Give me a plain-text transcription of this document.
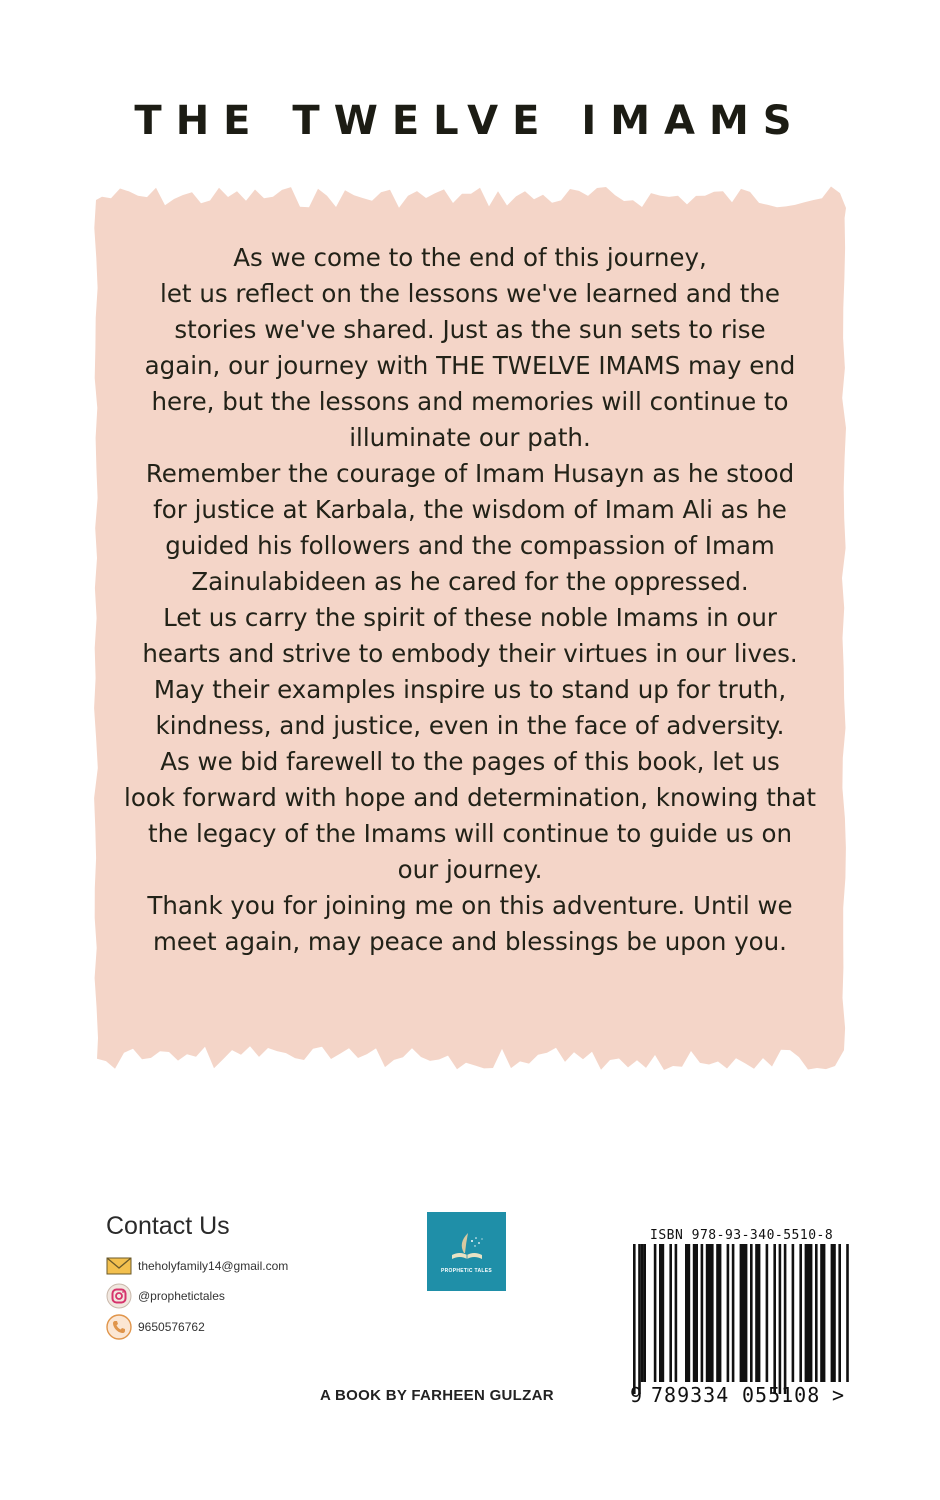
THE TWELVE IMAMS
As we come to the end of this journey,
let us reflect on the lessons we've learned and the
stories we've shared. Just as the sun sets to rise
again, our journey with THE TWELVE IMAMS may end
here, but the lessons and memories will continue to
illuminate our path.
Remember the courage of Imam Husayn as he stood
for justice at Karbala, the wisdom of Imam Ali as he
guided his followers and the compassion of Imam
Zainulabideen as he cared for the oppressed.
Let us carry the spirit of these noble Imams in our
hearts and strive to embody their virtues in our lives.
May their examples inspire us to stand up for truth,
kindness, and justice, even in the face of adversity.
As we bid farewell to the pages of this book, let us
look forward with hope and determination, knowing that
the legacy of the Imams will continue to guide us on
our journey.
Thank you for joining me on this adventure. Until we
meet again, may peace and blessings be upon you.
Contact Us
theholyfamily14@gmail.com
@prophetictales
9650576762
PROPHETIC TALES
A BOOK BY FARHEEN GULZAR
ISBN 978-93-340-5510-8
9 789334 055108 >
